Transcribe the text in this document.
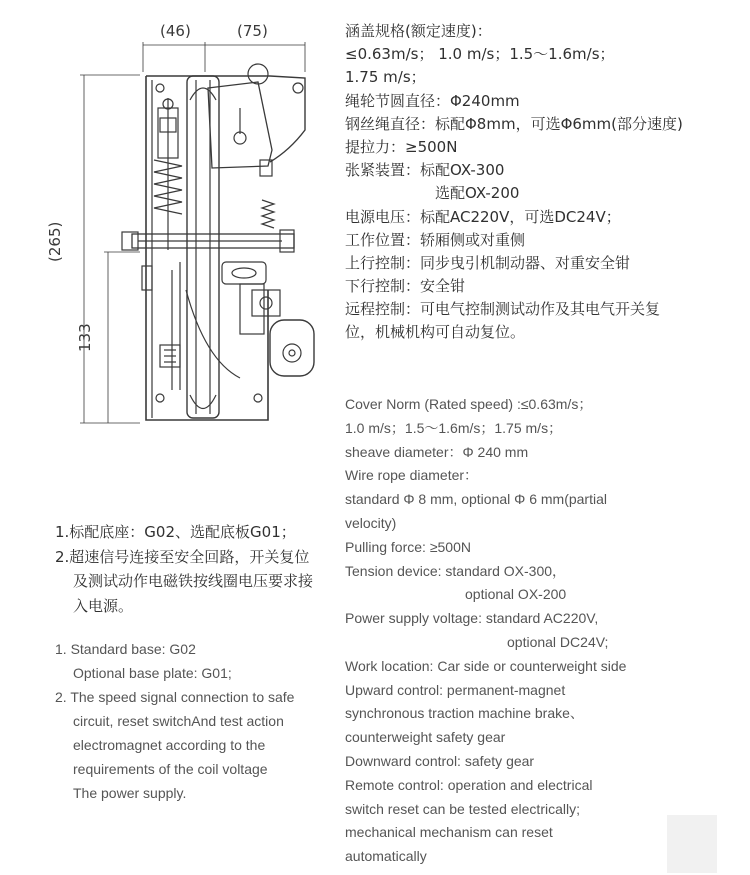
(46)	(75)
(265)
133
涵盖规格(额定速度)：
≤0.63m/s； 1.0 m/s；1.5～1.6m/s；
1.75 m/s；
绳轮节圆直径：Φ240mm
钢丝绳直径：标配Φ8mm，可选Φ6mm(部分速度)
提拉力：≥500N
张紧装置：标配OX-300
选配OX-200
电源电压：标配AC220V，可选DC24V；
工作位置：轿厢侧或对重侧
上行控制：同步曳引机制动器、对重安全钳
下行控制：安全钳
远程控制：可电气控制测试动作及其电气开关复
位，机械机构可自动复位。
Cover Norm (Rated speed) :≤0.63m/s；
1.0 m/s；1.5～1.6m/s；1.75 m/s；
sheave diameter：Φ 240 mm
Wire rope diameter：
standard Φ 8 mm, optional Φ 6 mm(partial
velocity)
Pulling force: ≥500N
Tension device: standard OX-300，
optional OX-200
Power supply voltage: standard AC220V,
optional DC24V;
Work location: Car side or counterweight side
Upward control: permanent-magnet
synchronous traction machine brake、
counterweight safety gear
Downward control: safety gear
Remote control: operation and electrical
switch reset can be tested electrically;
mechanical mechanism can reset
automatically
1.标配底座：G02、选配底板G01；
2.超速信号连接至安全回路，开关复位
及测试动作电磁铁按线圈电压要求接
入电源。
1. Standard base: G02
Optional base plate: G01;
2. The speed signal connection to safe
circuit, reset switchAnd test action
electromagnet according to the
requirements of the coil voltage
The power supply.
